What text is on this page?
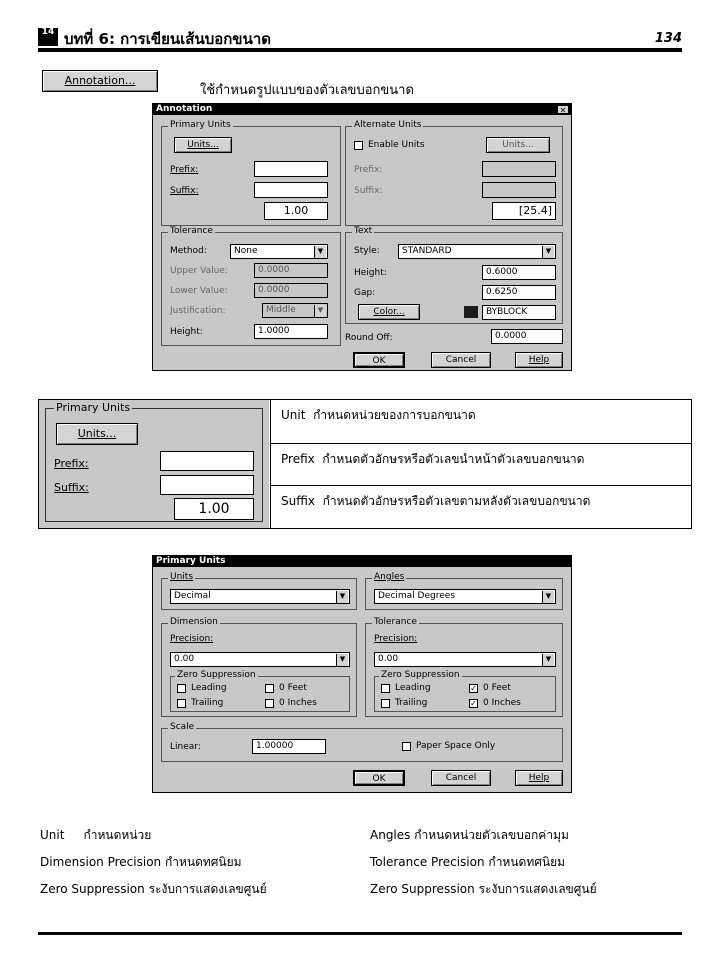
14 บทที่ 6: การเขียนเส้นบอกขนาด	134
Annotation...
ใช้กำหนดรูปแบบของตัวเลขบอกขนาด
Annotation	✕
Primary Units
Units...
Prefix:
Suffix:
1.00
Alternate Units
Enable Units	Units...
Prefix:
Suffix:
[25.4]
Tolerance
Method:	None	▼
Upper Value:	0.0000
Lower Value:	0.0000
Justification:	Middle	▼
Height:	1.0000
Text
Style:	STANDARD	▼
Height:	0.6000
Gap:	0.6250
Color...	BYBLOCK
Round Off:	0.0000
OK	Cancel	Help
Primary Units
Units...
Prefix:
Suffix:
1.00
Unit กำหนดหน่วยของการบอกขนาด
Prefix กำหนดตัวอักษรหรือตัวเลขนำหน้าตัวเลขบอกขนาด
Suffix กำหนดตัวอักษรหรือตัวเลขตามหลังตัวเลขบอกขนาด
Primary Units
Units
Decimal	▼
Angles
Decimal Degrees	▼
Dimension
Precision:
0.00	▼
Zero Suppression
Leading
Trailing
0 Feet
0 Inches
Tolerance
Precision:
0.00	▼
Zero Suppression
Leading
Trailing
✓ 0 Feet
✓ 0 Inches
Scale
Linear:	1.00000	Paper Space Only
OK	Cancel	Help
Unit กำหนดหน่วย
Dimension Precision กำหนดทศนิยม
Zero Suppression ระงับการแสดงเลขศูนย์
Angles กำหนดหน่วยตัวเลขบอกค่ามุม
Tolerance Precision กำหนดทศนิยม
Zero Suppression ระงับการแสดงเลขศูนย์
